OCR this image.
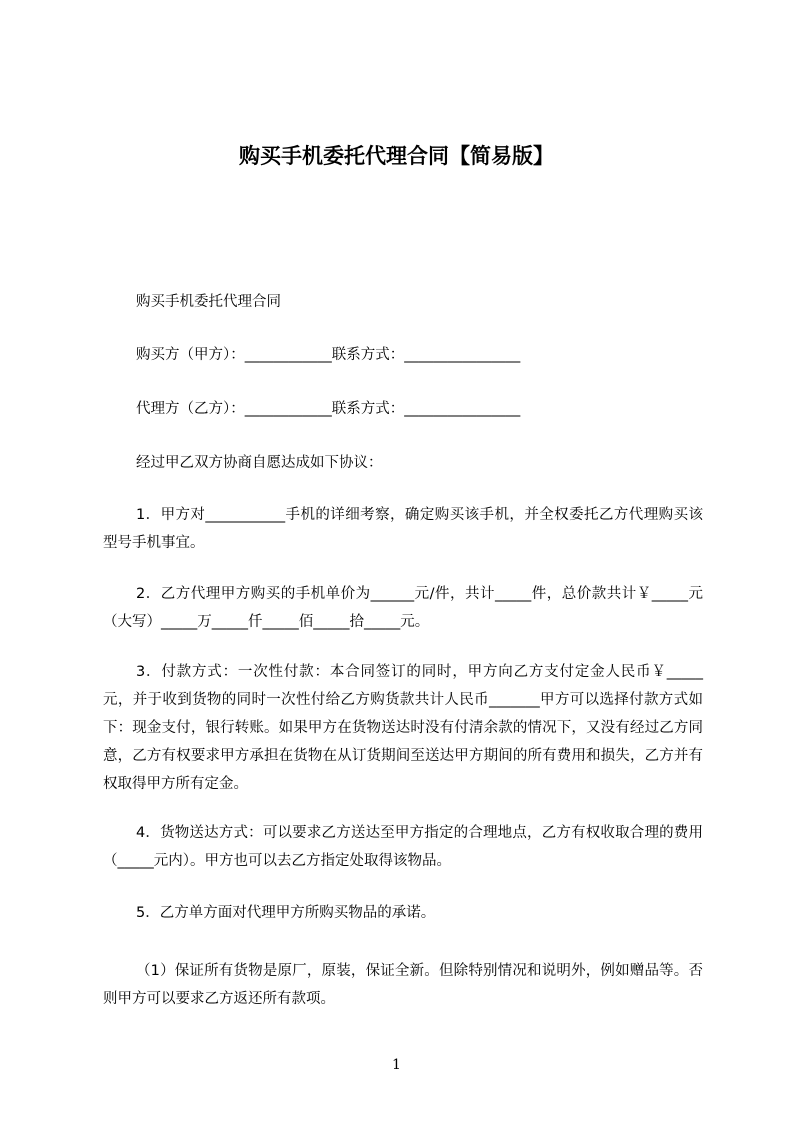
购买手机委托代理合同【简易版】
购买手机委托代理合同
购买方（甲方）：____________联系方式：________________
代理方（乙方）：____________联系方式：________________
经过甲乙双方协商自愿达成如下协议：
1．甲方对___________手机的详细考察，确定购买该手机，并全权委托乙方代理购买该型号手机事宜。
2．乙方代理甲方购买的手机单价为______元/件，共计_____件，总价款共计￥_____元（大写）_____万_____仟_____佰_____拾_____元。
3．付款方式：一次性付款：本合同签订的同时，甲方向乙方支付定金人民币￥_____元，并于收到货物的同时一次性付给乙方购货款共计人民币_______甲方可以选择付款方式如下：现金支付，银行转账。如果甲方在货物送达时没有付清余款的情况下，又没有经过乙方同意，乙方有权要求甲方承担在货物在从订货期间至送达甲方期间的所有费用和损失，乙方并有权取得甲方所有定金。
4．货物送达方式：可以要求乙方送达至甲方指定的合理地点，乙方有权收取合理的费用（_____元内）。甲方也可以去乙方指定处取得该物品。
5．乙方单方面对代理甲方所购买物品的承诺。
（1）保证所有货物是原厂，原装，保证全新。但除特别情况和说明外，例如赠品等。否则甲方可以要求乙方返还所有款项。
1
